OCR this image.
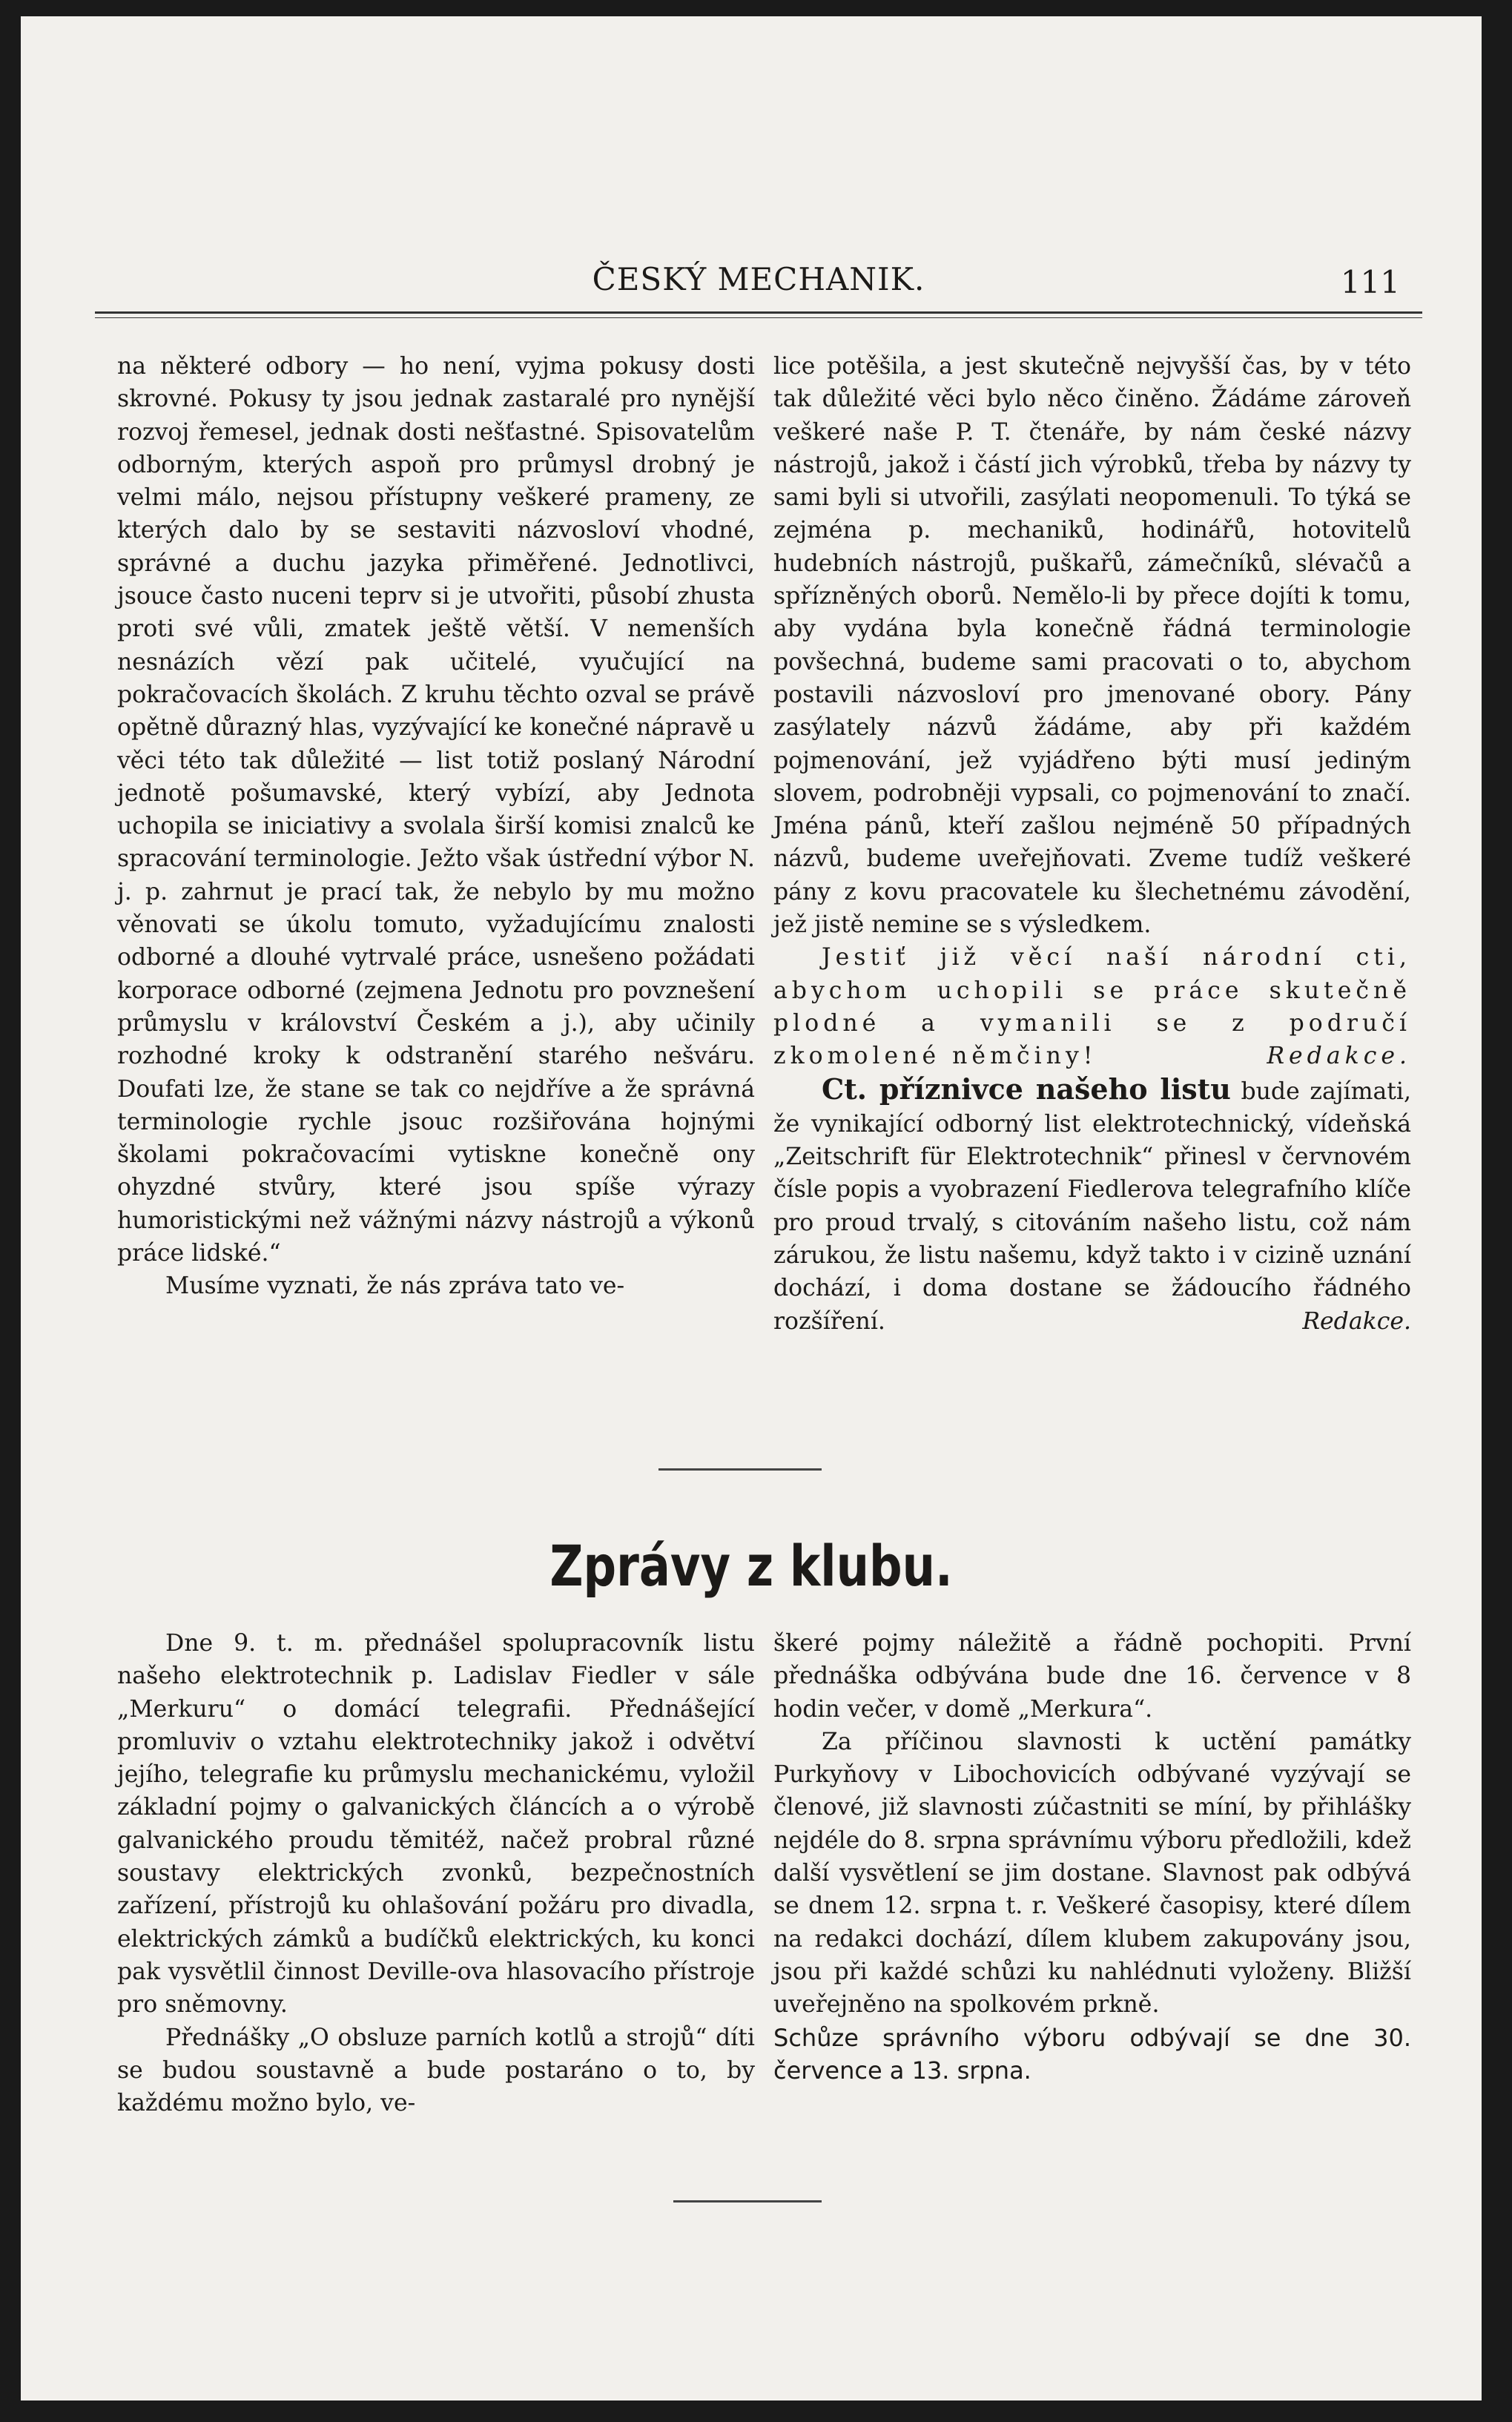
ČESKÝ MECHANIK.	111

na některé odbory — ho není, vyjma pokusy dosti skrovné. Pokusy ty jsou jednak zastaralé pro nynější rozvoj řemesel, jednak dosti nešťastné. Spisovatelům odborným, kterých aspoň pro průmysl drobný je velmi málo, nejsou přístupny veškeré prameny, ze kterých dalo by se sestaviti názvosloví vhodné, správné a duchu jazyka přiměřené. Jednotlivci, jsouce často nuceni teprv si je utvořiti, působí zhusta proti své vůli, zmatek ještě větší. V nemenších nesnázích vězí pak učitelé, vyučující na pokračovacích školách. Z kruhu těchto ozval se právě opětně důrazný hlas, vyzývající ke konečné nápravě u věci této tak důležité — list totiž poslaný Národní jednotě pošumavské, který vybízí, aby Jednota uchopila se iniciativy a svolala širší komisi znalců ke spracování terminologie. Ježto však ústřední výbor N. j. p. zahrnut je prací tak, že nebylo by mu možno věnovati se úkolu tomuto, vyžadujícímu znalosti odborné a dlouhé vytrvalé práce, usnešeno požádati korporace odborné (zejmena Jednotu pro povznešení průmyslu v království Českém a j.), aby učinily rozhodné kroky k odstranění starého nešváru. Doufati lze, že stane se tak co nejdříve a že správná terminologie rychle jsouc rozšiřována hojnými školami pokračovacími vytiskne konečně ony ohyzdné stvůry, které jsou spíše výrazy humoristickými než vážnými názvy nástrojů a výkonů práce lidské.“

Musíme vyznati, že nás zpráva tato ve-

lice potěšila, a jest skutečně nejvyšší čas, by v této tak důležité věci bylo něco činěno. Žádáme zároveň veškeré naše P. T. čtenáře, by nám české názvy nástrojů, jakož i částí jich výrobků, třeba by názvy ty sami byli si utvořili, zasýlati neopomenuli. To týká se zejména p. mechaniků, hodinářů, hotovitelů hudebních nástrojů, puškařů, zámečníků, slévačů a spřízněných oborů. Nemělo-li by přece dojíti k tomu, aby vydána byla konečně řádná terminologie povšechná, budeme sami pracovati o to, abychom postavili názvosloví pro jmenované obory. Pány zasýlately názvů žádáme, aby při každém pojmenování, jež vyjádřeno býti musí jediným slovem, podrobněji vypsali, co pojmenování to značí. Jména pánů, kteří zašlou nejméně 50 případných názvů, budeme uveřejňovati. Zveme tudíž veškeré pány z kovu pracovatele ku šlechetnému závodění, jež jistě nemine se s výsledkem.

Jestiť již věcí naší národní cti, abychom uchopili se práce skutečně plodné a vymanili se z područí zkomolené němčiny!	Redakce.

Ct. příznivce našeho listu bude zajímati, že vynikající odborný list elektrotechnický, vídeňská „Zeitschrift für Elektrotechnik“ přinesl v červnovém čísle popis a vyobrazení Fiedlerova telegrafního klíče pro proud trvalý, s citováním našeho listu, což nám zárukou, že listu našemu, když takto i v cizině uznání dochází, i doma dostane se žádoucího řádného rozšíření.	Redakce.

Zprávy z klubu.

Dne 9. t. m. přednášel spolupracovník listu našeho elektrotechnik p. Ladislav Fiedler v sále „Merkuru“ o domácí telegrafii. Přednášející promluviv o vztahu elektrotechniky jakož i odvětví jejího, telegrafie ku průmyslu mechanickému, vyložil základní pojmy o galvanických článcích a o výrobě galvanického proudu těmitéž, načež probral různé soustavy elektrických zvonků, bezpečnostních zařízení, přístrojů ku ohlašování požáru pro divadla, elektrických zámků a budíčků elektrických, ku konci pak vysvětlil činnost Deville-ova hlasovacího přístroje pro sněmovny.

Přednášky „O obsluze parních kotlů a strojů“ díti se budou soustavně a bude postaráno o to, by každému možno bylo, ve-

škeré pojmy náležitě a řádně pochopiti. První přednáška odbývána bude dne 16. července v 8 hodin večer, v domě „Merkura“.

Za příčinou slavnosti k uctění památky Purkyňovy v Libochovicích odbývané vyzývají se členové, již slavnosti zúčastniti se míní, by přihlášky nejdéle do 8. srpna správnímu výboru předložili, kdež další vysvětlení se jim dostane. Slavnost pak odbývá se dnem 12. srpna t. r. Veškeré časopisy, které dílem na redakci dochází, dílem klubem zakupovány jsou, jsou při každé schůzi ku nahlédnuti vyloženy. Bližší uveřejněno na spolkovém prkně.

Schůze správního výboru odbývají se dne 30. července a 13. srpna.
